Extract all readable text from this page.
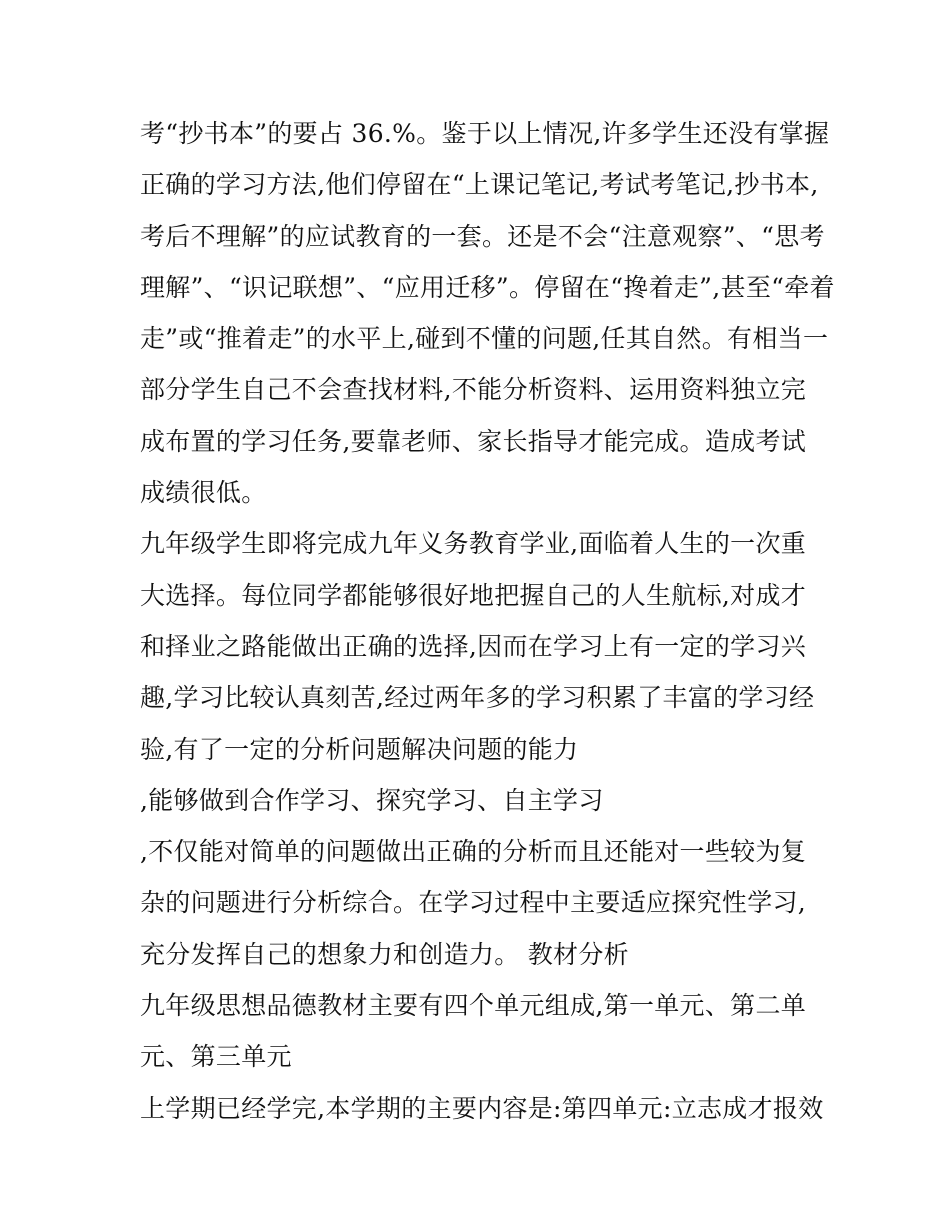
考“抄书本”的要占 36.%。鉴于以上情况,许多学生还没有掌握
正确的学习方法,他们停留在“上课记笔记,考试考笔记,抄书本,
考后不理解”的应试教育的一套。还是不会“注意观察”、“思考
理解”、“识记联想”、“应用迁移”。停留在“搀着走”,甚至“牵着
走”或“推着走”的水平上,碰到不懂的问题,任其自然。有相当一
部分学生自己不会查找材料,不能分析资料、运用资料独立完
成布置的学习任务,要靠老师、家长指导才能完成。造成考试
成绩很低。
九年级学生即将完成九年义务教育学业,面临着人生的一次重
大选择。每位同学都能够很好地把握自己的人生航标,对成才
和择业之路能做出正确的选择,因而在学习上有一定的学习兴
趣,学习比较认真刻苦,经过两年多的学习积累了丰富的学习经
验,有了一定的分析问题解决问题的能力
,能够做到合作学习、探究学习、自主学习
,不仅能对简单的问题做出正确的分析而且还能对一些较为复
杂的问题进行分析综合。在学习过程中主要适应探究性学习,
充分发挥自己的想象力和创造力。 教材分析
九年级思想品德教材主要有四个单元组成,第一单元、第二单
元、第三单元
上学期已经学完,本学期的主要内容是:第四单元:立志成才报效
